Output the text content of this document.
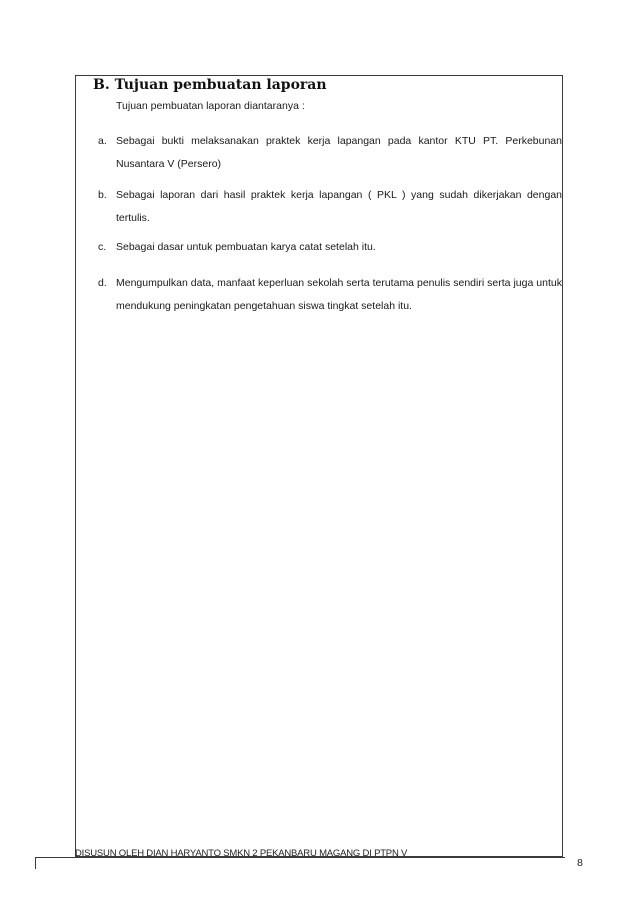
B. Tujuan pembuatan laporan
Tujuan pembuatan laporan diantaranya :
a. Sebagai bukti melaksanakan praktek kerja lapangan pada kantor KTU PT. Perkebunan Nusantara V (Persero)
b. Sebagai laporan dari hasil praktek kerja lapangan ( PKL ) yang sudah dikerjakan dengan tertulis.
c. Sebagai dasar untuk pembuatan karya catat setelah itu.
d. Mengumpulkan data, manfaat keperluan sekolah serta terutama penulis sendiri serta juga untuk mendukung peningkatan pengetahuan siswa tingkat setelah itu.
DISUSUN OLEH DIAN HARYANTO SMKN 2 PEKANBARU MAGANG DI PTPN V
8
